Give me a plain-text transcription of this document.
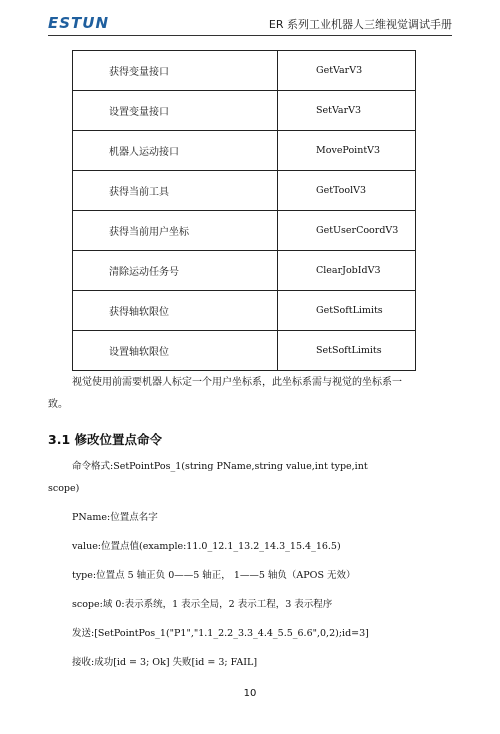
ESTUN	ER 系列工业机器人三维视觉调试手册
获得变量接口	GetVarV3
设置变量接口	SetVarV3
机器人运动接口	MovePointV3
获得当前工具	GetToolV3
获得当前用户坐标	GetUserCoordV3
清除运动任务号	ClearJobIdV3
获得轴软限位	GetSoftLimits
设置轴软限位	SetSoftLimits
视觉使用前需要机器人标定一个用户坐标系，此坐标系需与视觉的坐标系一
致。
3.1 修改位置点命令
命令格式:SetPointPos_1(string PName,string value,int type,int
scope)
PName:位置点名字
value:位置点值(example:11.0_12.1_13.2_14.3_15.4_16.5)
type:位置点 5 轴正负 0——5 轴正， 1——5 轴负（APOS 无效）
scope:域 0:表示系统，1 表示全局，2 表示工程，3 表示程序
发送:[SetPointPos_1("P1","1.1_2.2_3.3_4.4_5.5_6.6",0,2);id=3]
接收:成功[id = 3; Ok] 失败[id = 3; FAIL]
10
